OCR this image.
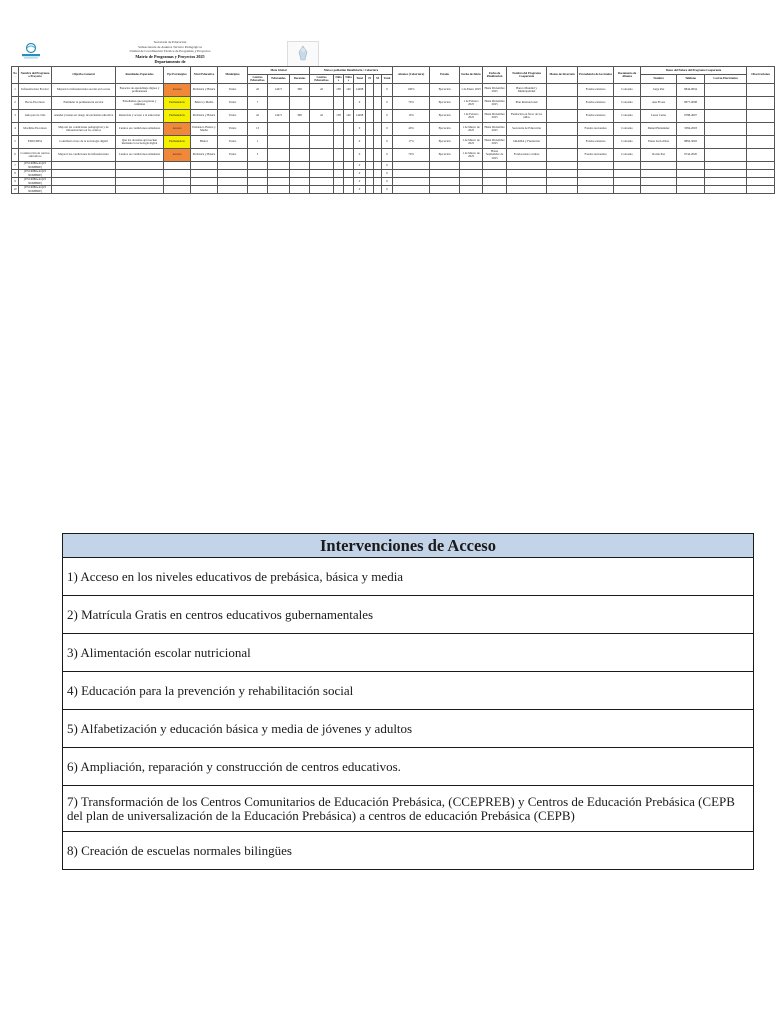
Secretaría de Educación
Subsecretaría de Asuntos Técnico Pedagógicos
Unidad de Coordinación Técnica de Programas y Proyectos
Matriz de Programas y Proyectos 2025
Departamento de
No.	Nombre del Programa o Proyecto	Objetivo General	Resultados Esperados	Eje Estratégico	Nivel Educativo	Municipios	Meta Global			Meta o población Beneficiaria / Cobertura							Alcance (Cobertura)	Estado	Fecha de Inicio	Fecha de Finalización	Nombre del Programa Cooperante	Monto de Inversión	Procedencia de los fondos	Documento de Alianza	Datos del Enlace del Programa Cooperante			Observaciones
							Centros Educativos	Educandos	Docentes	Centros Educativos	Niños	Niñas	Total	H	M	Total									Nombre	Teléfono	Correo Electrónico	
1	Infraestructura Escolar	Mejorar la infraestructura escolar en la zona	Espacios de aprendizaje dignos y permanentes	Acceso	Prebásica y Básica	Varios	42	14471	398	42	138	140	14498			0	100%	Ejecución	1 de Enero 2025	Hasta Diciembre 2025	Banco Mundial y Municipalidad		Fondos externos	Convenio	Jorge Paz	9844-0634		
2	Becas Escolares	Estimular la permanencia escolar	Estudiantes que progresan y culminan	Permanencia	Básica y Media	Varios	7						0			0	70%	Ejecución	1 de Febrero 2025	Hasta Diciembre 2025	Plan Internacional		Fondos externos	Convenio	Ana Flores	9877-0008		
3	Aula para la vida	Atender jóvenes en riesgo de exclusión educativa	Retención y acceso a la educación	Permanencia	Prebásica y Básica	Varios	42	14471	398	42	138	140	14498			0	10%	Ejecución	1 de Febrero 2025	Hasta Diciembre 2025	Fundación en favor de los niños		Fondos externos	Convenio	Laura Cerna	9788-4607		
4	Mochilas Escolares	Mejorar las condiciones pedagógicas y de infraestructura en los centros	Centros en condiciones estándares	Acceso	Prebásica, Básica y Media	Varios	13						0			0	40%	Ejecución	1 de Marzo de 2025	Hasta Diciembre 2025	Secretaría de Educación		Fondos nacionales	Convenio	Daniel Hernández	3384-2003		
5	EDUCREA	Contribuir al uso de la tecnología digital	Que los docentes aprovechen mediante la tecnología digital	Permanencia	Básica	Varios	1						0			0	17%	Ejecución	1 de Marzo de 2025	Hasta Diciembre 2025	GRAMA y Fundación		Fondos externos	Convenio	Elena Lucía Díaz	9884-3002		
6	Construcción de centros educativos	Mejorar las condiciones de infraestructura	Centros en condiciones estándares	Acceso	Prebásica y Básica	Varios	5						0			0	70%	Ejecución	1 de Marzo de 2025	Hasta Septiembre de 2025	Fondos hasta octubre		Fondos nacionales	Convenio	Rosita Paz	9744-2020		
7	(ESCRIBA AQUÍ NOMBRE)												0			0												
8	(ESCRIBA AQUÍ NOMBRE)												0			0												
9	(ESCRIBA AQUÍ NOMBRE)												0			0												
10	(ESCRIBA AQUÍ NOMBRE)												0			0												
Intervenciones de Acceso
1) Acceso en los niveles educativos de prebásica, básica y media
2) Matrícula Gratis en centros educativos gubernamentales
3) Alimentación escolar nutricional
4) Educación para la prevención y rehabilitación social
5) Alfabetización y educación básica y media de jóvenes y adultos
6) Ampliación, reparación y construcción de centros educativos.
7) Transformación de los Centros Comunitarios de Educación Prebásica, (CCEPREB) y Centros de Educación Prebásica (CEPB del plan de universalización de la Educación Prebásica) a centros de educación Prebásica (CEPB)
8) Creación de escuelas normales bilingües
